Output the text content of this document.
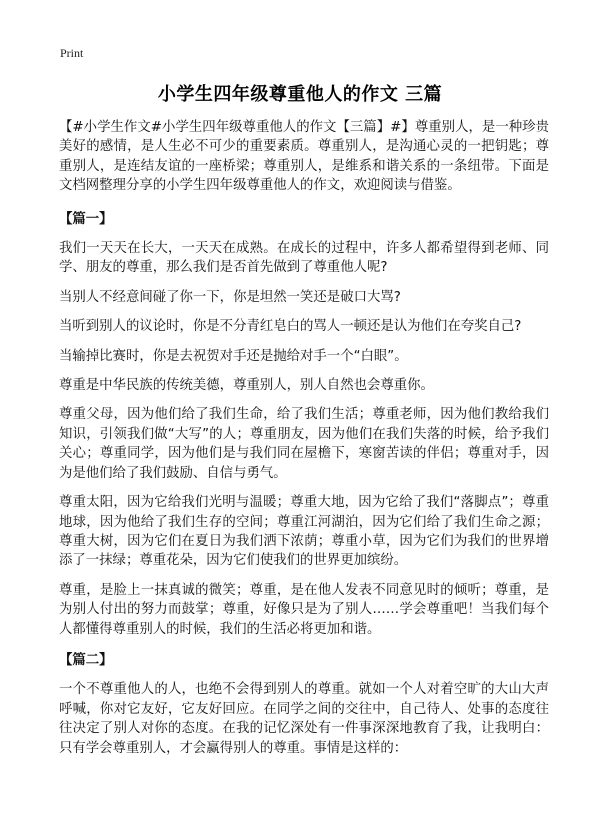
Print
小学生四年级尊重他人的作文 三篇

【#小学生作文#小学生四年级尊重他人的作文【三篇】#】尊重别人，是一种珍贵美好的感情，是人生必不可少的重要素质。尊重别人，是沟通心灵的一把钥匙；尊重别人，是连结友谊的一座桥梁；尊重别人，是维系和谐关系的一条纽带。下面是文档网整理分享的小学生四年级尊重他人的作文，欢迎阅读与借鉴。

【篇一】

我们一天天在长大，一天天在成熟。在成长的过程中，许多人都希望得到老师、同学、朋友的尊重，那么我们是否首先做到了尊重他人呢?

当别人不经意间碰了你一下，你是坦然一笑还是破口大骂?

当听到别人的议论时，你是不分青红皂白的骂人一顿还是认为他们在夸奖自己?

当输掉比赛时，你是去祝贺对手还是抛给对手一个“白眼”。

尊重是中华民族的传统美德，尊重别人，别人自然也会尊重你。

尊重父母，因为他们给了我们生命，给了我们生活；尊重老师，因为他们教给我们知识，引领我们做“大写”的人；尊重朋友，因为他们在我们失落的时候，给予我们关心；尊重同学，因为他们是与我们同在屋檐下，寒窗苦读的伴侣；尊重对手，因为是他们给了我们鼓励、自信与勇气。

尊重太阳，因为它给我们光明与温暖；尊重大地，因为它给了我们“落脚点”；尊重地球，因为他给了我们生存的空间；尊重江河湖泊，因为它们给了我们生命之源；尊重大树，因为它们在夏日为我们洒下浓荫；尊重小草，因为它们为我们的世界增添了一抹绿；尊重花朵，因为它们使我们的世界更加缤纷。

尊重，是脸上一抹真诚的微笑；尊重，是在他人发表不同意见时的倾听；尊重，是为别人付出的努力而鼓掌；尊重，好像只是为了别人……学会尊重吧！当我们每个人都懂得尊重别人的时候，我们的生活必将更加和谐。

【篇二】

一个不尊重他人的人，也绝不会得到别人的尊重。就如一个人对着空旷的大山大声呼喊，你对它友好，它友好回应。在同学之间的交往中，自己待人、处事的态度往往决定了别人对你的态度。在我的记忆深处有一件事深深地教育了我，让我明白：只有学会尊重别人，才会赢得别人的尊重。事情是这样的：
